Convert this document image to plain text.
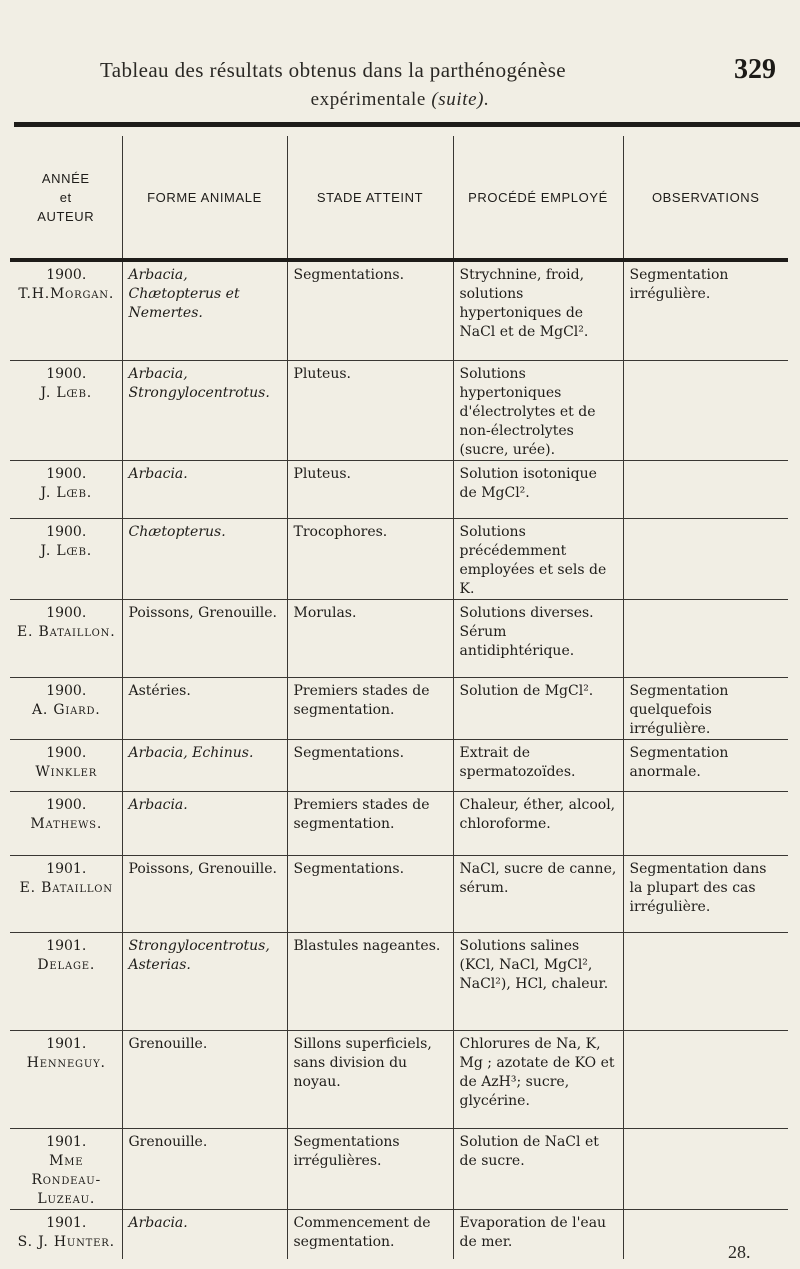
Tableau des résultats obtenus dans la parthénogénèse	329
expérimentale (suite).
ANNÉE
et
AUTEUR	FORME ANIMALE	STADE ATTEINT	PROCÉDÉ EMPLOYÉ	OBSERVATIONS

1900.
T.H.Morgan.	Arbacia, Chætopterus et Nemertes.	Segmentations.	Strychnine, froid, solutions hypertoniques de NaCl et de MgCl².	Segmentation irrégulière.

1900.
J. Lœb.	Arbacia, Strongylocentrotus.	Pluteus.	Solutions hypertoniques d'électrolytes et de non-électrolytes (sucre, urée).	

1900.
J. Lœb.	Arbacia.	Pluteus.	Solution isotonique de MgCl².	

1900.
J. Lœb.	Chætopterus.	Trocophores.	Solutions précédemment employées et sels de K.	

1900.
E. Bataillon.	Poissons, Grenouille.	Morulas.	Solutions diverses. Sérum antidiphtérique.	

1900.
A. Giard.	Astéries.	Premiers stades de segmentation.	Solution de MgCl².	Segmentation quelquefois irrégulière.

1900.
Winkler	Arbacia, Echinus.	Segmentations.	Extrait de spermatozoïdes.	Segmentation anormale.

1900.
Mathews.	Arbacia.	Premiers stades de segmentation.	Chaleur, éther, alcool, chloroforme.	

1901.
E. Bataillon	Poissons, Grenouille.	Segmentations.	NaCl, sucre de canne, sérum.	Segmentation dans la plupart des cas irrégulière.

1901.
Delage.	Strongylocentrotus, Asterias.	Blastules nageantes.	Solutions salines (KCl, NaCl, MgCl², NaCl²), HCl, chaleur.	

1901.
Henneguy.	Grenouille.	Sillons superficiels, sans division du noyau.	Chlorures de Na, K, Mg ; azotate de KO et de AzH³; sucre, glycérine.	

1901.
Mme Rondeau-Luzeau.	Grenouille.	Segmentations irrégulières.	Solution de NaCl et de sucre.	

1901.
S. J. Hunter.	Arbacia.	Commencement de segmentation.	Evaporation de l'eau de mer.	
28.
